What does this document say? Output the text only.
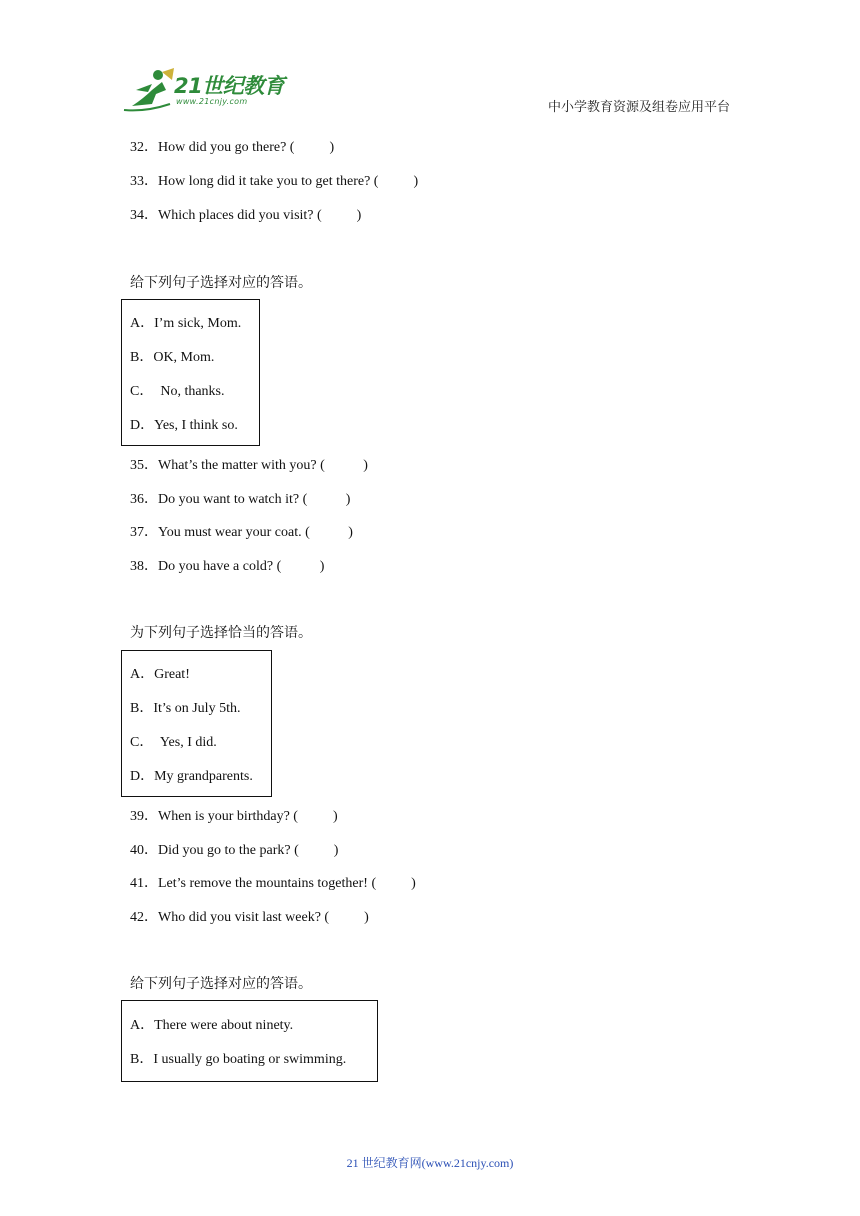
21世纪教育
www.21cnjy.com	中小学教育资源及组卷应用平台
32．How did you go there? (          )
33．How long did it take you to get there? (          )
34．Which places did you visit? (          )
给下列句子选择对应的答语。
A．I’m sick, Mom.
B．OK, Mom.
C．  No, thanks.
D．Yes, I think so.
35．What’s the matter with you? (           )
36．Do you want to watch it? (           )
37．You must wear your coat. (           )
38．Do you have a cold? (           )
为下列句子选择恰当的答语。
A．Great!
B．It’s on July 5th.
C．  Yes, I did.
D．My grandparents.
39．When is your birthday? (          )
40．Did you go to the park? (          )
41．Let’s remove the mountains together! (          )
42．Who did you visit last week? (          )
给下列句子选择对应的答语。
A．There were about ninety.
B．I usually go boating or swimming.
21 世纪教育网(www.21cnjy.com)
